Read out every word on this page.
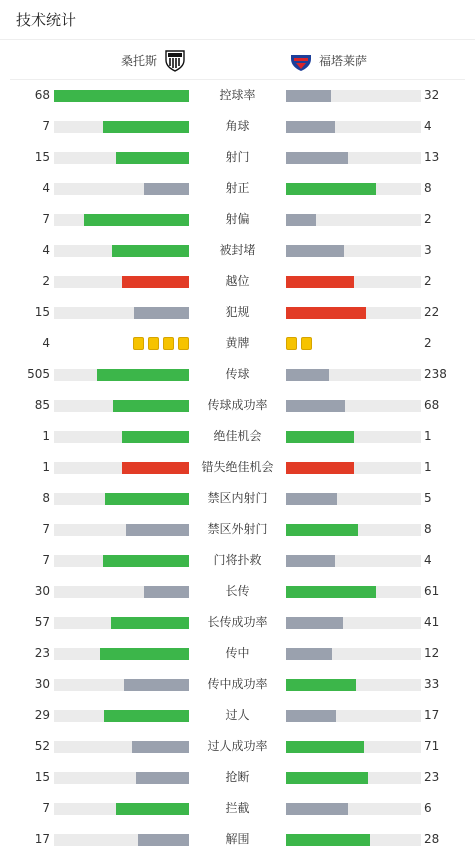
技术统计
桑托斯	福塔莱萨
68	控球率	32
7	角球	4
15	射门	13
4	射正	8
7	射偏	2
4	被封堵	3
2	越位	2
15	犯规	22
4	黄牌	2
505	传球	238
85	传球成功率	68
1	绝佳机会	1
1	错失绝佳机会	1
8	禁区内射门	5
7	禁区外射门	8
7	门将扑救	4
30	长传	61
57	长传成功率	41
23	传中	12
30	传中成功率	33
29	过人	17
52	过人成功率	71
15	抢断	23
7	拦截	6
17	解围	28
